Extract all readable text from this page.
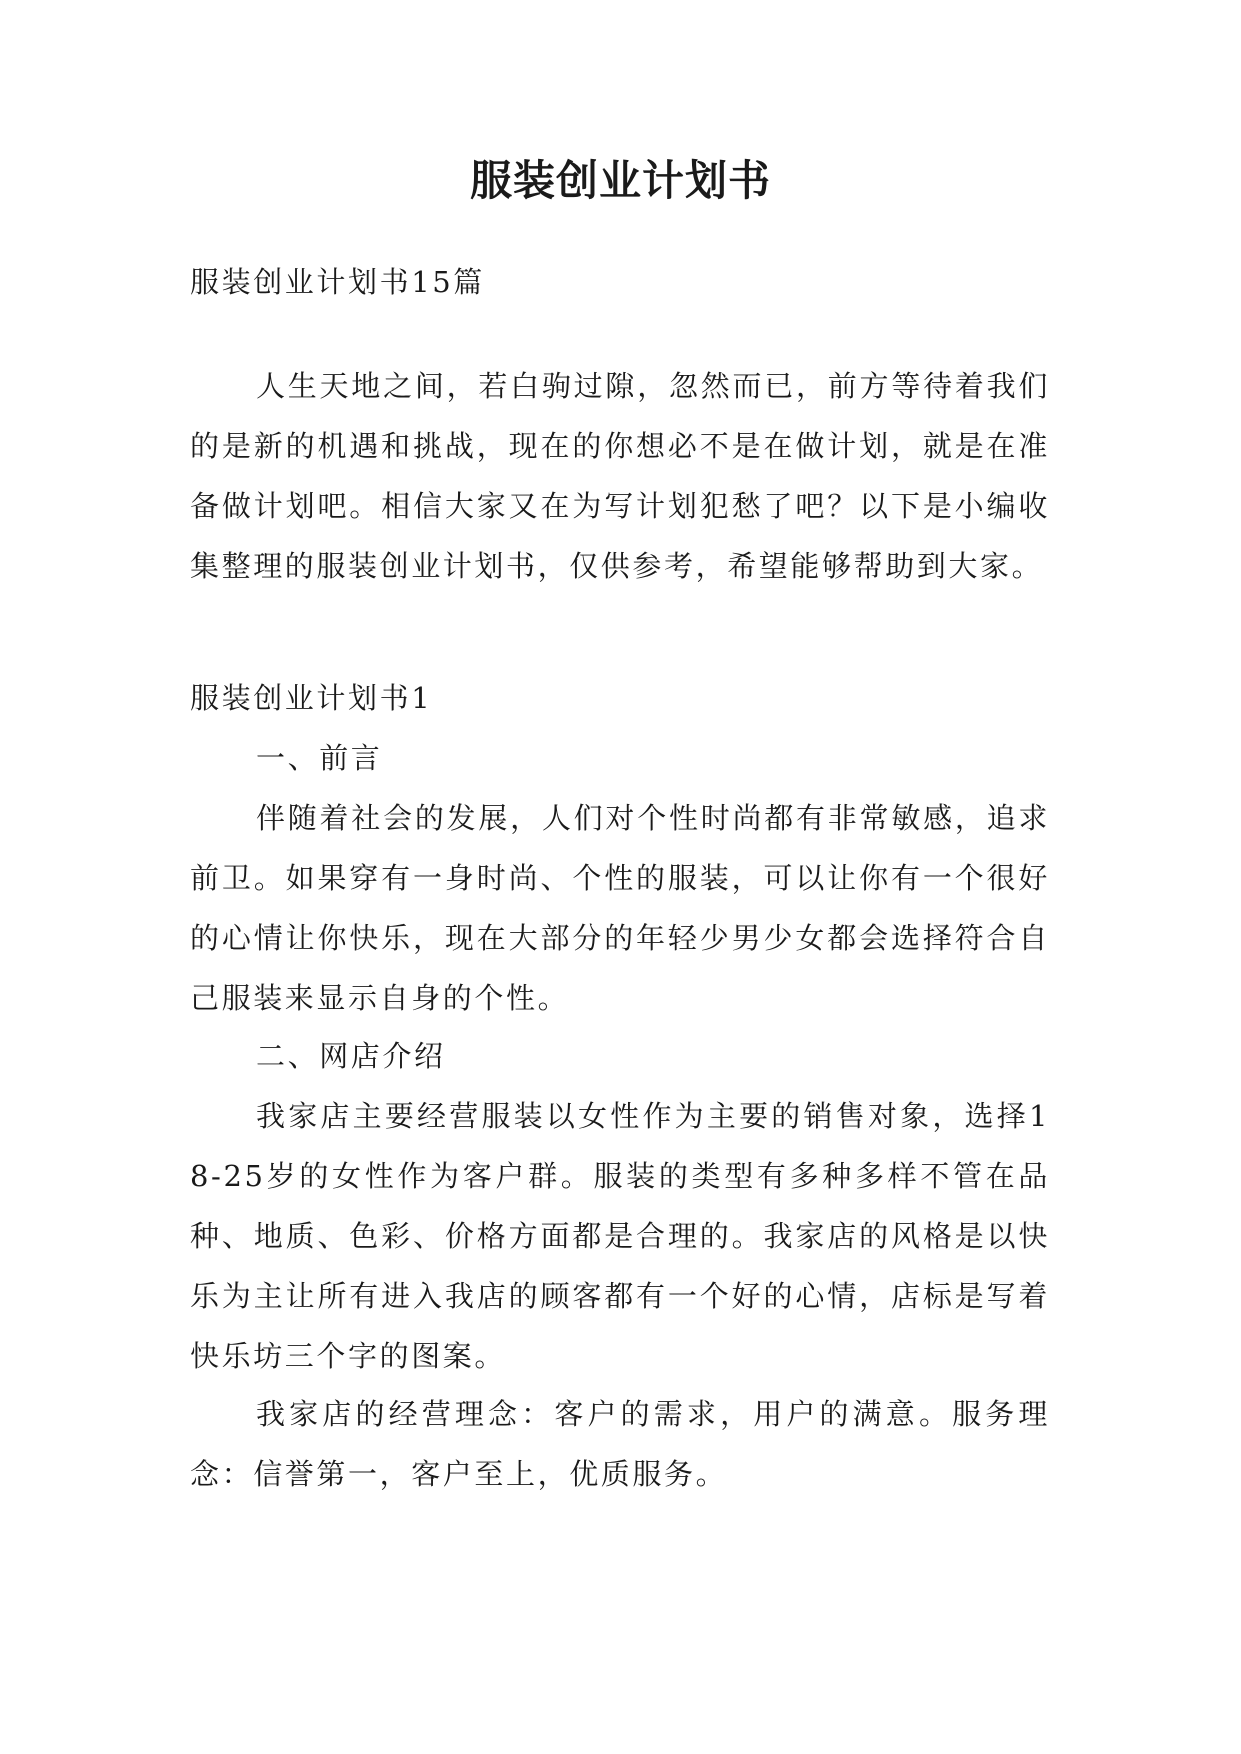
服装创业计划书

服装创业计划书15篇

人生天地之间，若白驹过隙，忽然而已，前方等待着我们的是新的机遇和挑战，现在的你想必不是在做计划，就是在准备做计划吧。相信大家又在为写计划犯愁了吧？以下是小编收集整理的服装创业计划书，仅供参考，希望能够帮助到大家。

服装创业计划书1

一、前言

伴随着社会的发展，人们对个性时尚都有非常敏感，追求前卫。如果穿有一身时尚、个性的服装，可以让你有一个很好的心情让你快乐，现在大部分的年轻少男少女都会选择符合自己服装来显示自身的个性。

二、网店介绍

我家店主要经营服装以女性作为主要的销售对象，选择18-25岁的女性作为客户群。服装的类型有多种多样不管在品种、地质、色彩、价格方面都是合理的。我家店的风格是以快乐为主让所有进入我店的顾客都有一个好的心情，店标是写着快乐坊三个字的图案。

我家店的经营理念：客户的需求，用户的满意。服务理念：信誉第一，客户至上，优质服务。
